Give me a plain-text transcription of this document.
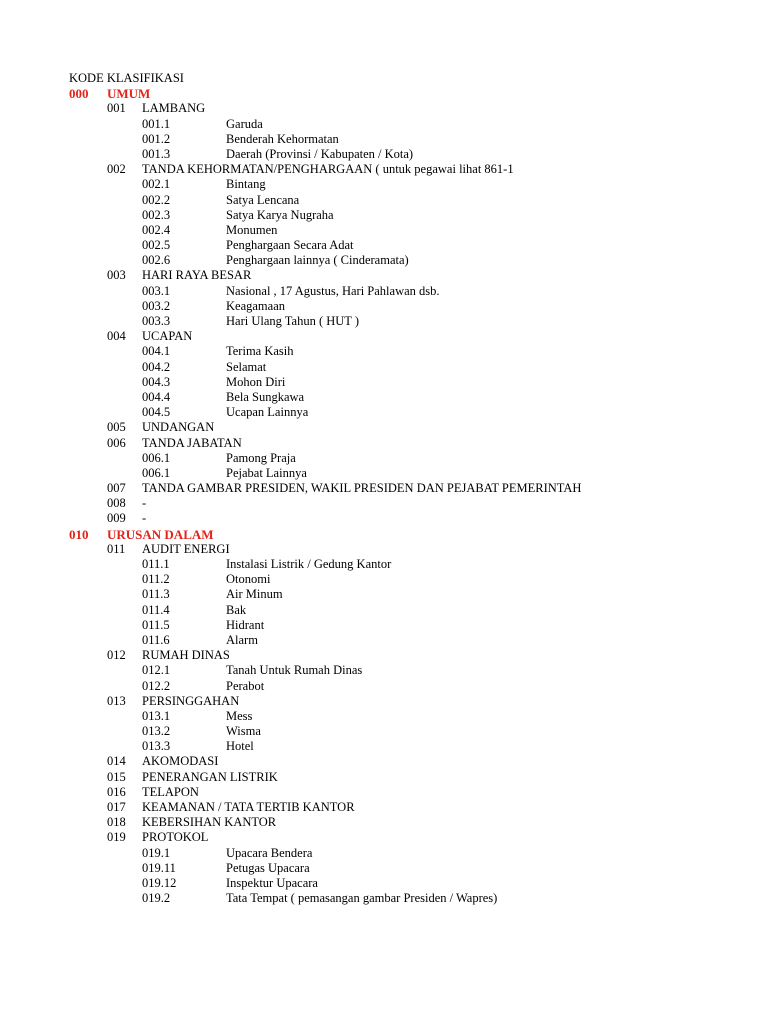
KODE KLASIFIKASI
000 UMUM
001 LAMBANG
001.1	Garuda
001.2	Benderah Kehormatan
001.3	Daerah (Provinsi / Kabupaten / Kota)
002 TANDA KEHORMATAN/PENGHARGAAN ( untuk pegawai lihat 861-1
002.1	Bintang
002.2	Satya Lencana
002.3	Satya Karya Nugraha
002.4	Monumen
002.5	Penghargaan Secara Adat
002.6	Penghargaan lainnya ( Cinderamata)
003 HARI RAYA BESAR
003.1	Nasional , 17 Agustus, Hari Pahlawan dsb.
003.2	Keagamaan
003.3	Hari Ulang Tahun ( HUT )
004 UCAPAN
004.1	Terima Kasih
004.2	Selamat
004.3	Mohon Diri
004.4	Bela Sungkawa
004.5	Ucapan Lainnya
005 UNDANGAN
006 TANDA JABATAN
006.1	Pamong Praja
006.1	Pejabat Lainnya
007 TANDA GAMBAR PRESIDEN, WAKIL PRESIDEN DAN PEJABAT PEMERINTAH
008 -
009 -
010 URUSAN DALAM
011 AUDIT ENERGI
011.1	Instalasi Listrik / Gedung Kantor
011.2	Otonomi
011.3	Air Minum
011.4	Bak
011.5	Hidrant
011.6	Alarm
012 RUMAH DINAS
012.1	Tanah Untuk Rumah Dinas
012.2	Perabot
013 PERSINGGAHAN
013.1	Mess
013.2	Wisma
013.3	Hotel
014 AKOMODASI
015 PENERANGAN LISTRIK
016 TELAPON
017 KEAMANAN / TATA TERTIB KANTOR
018 KEBERSIHAN KANTOR
019 PROTOKOL
019.1	Upacara Bendera
019.11	Petugas Upacara
019.12	Inspektur Upacara
019.2	Tata Tempat ( pemasangan gambar Presiden / Wapres)
